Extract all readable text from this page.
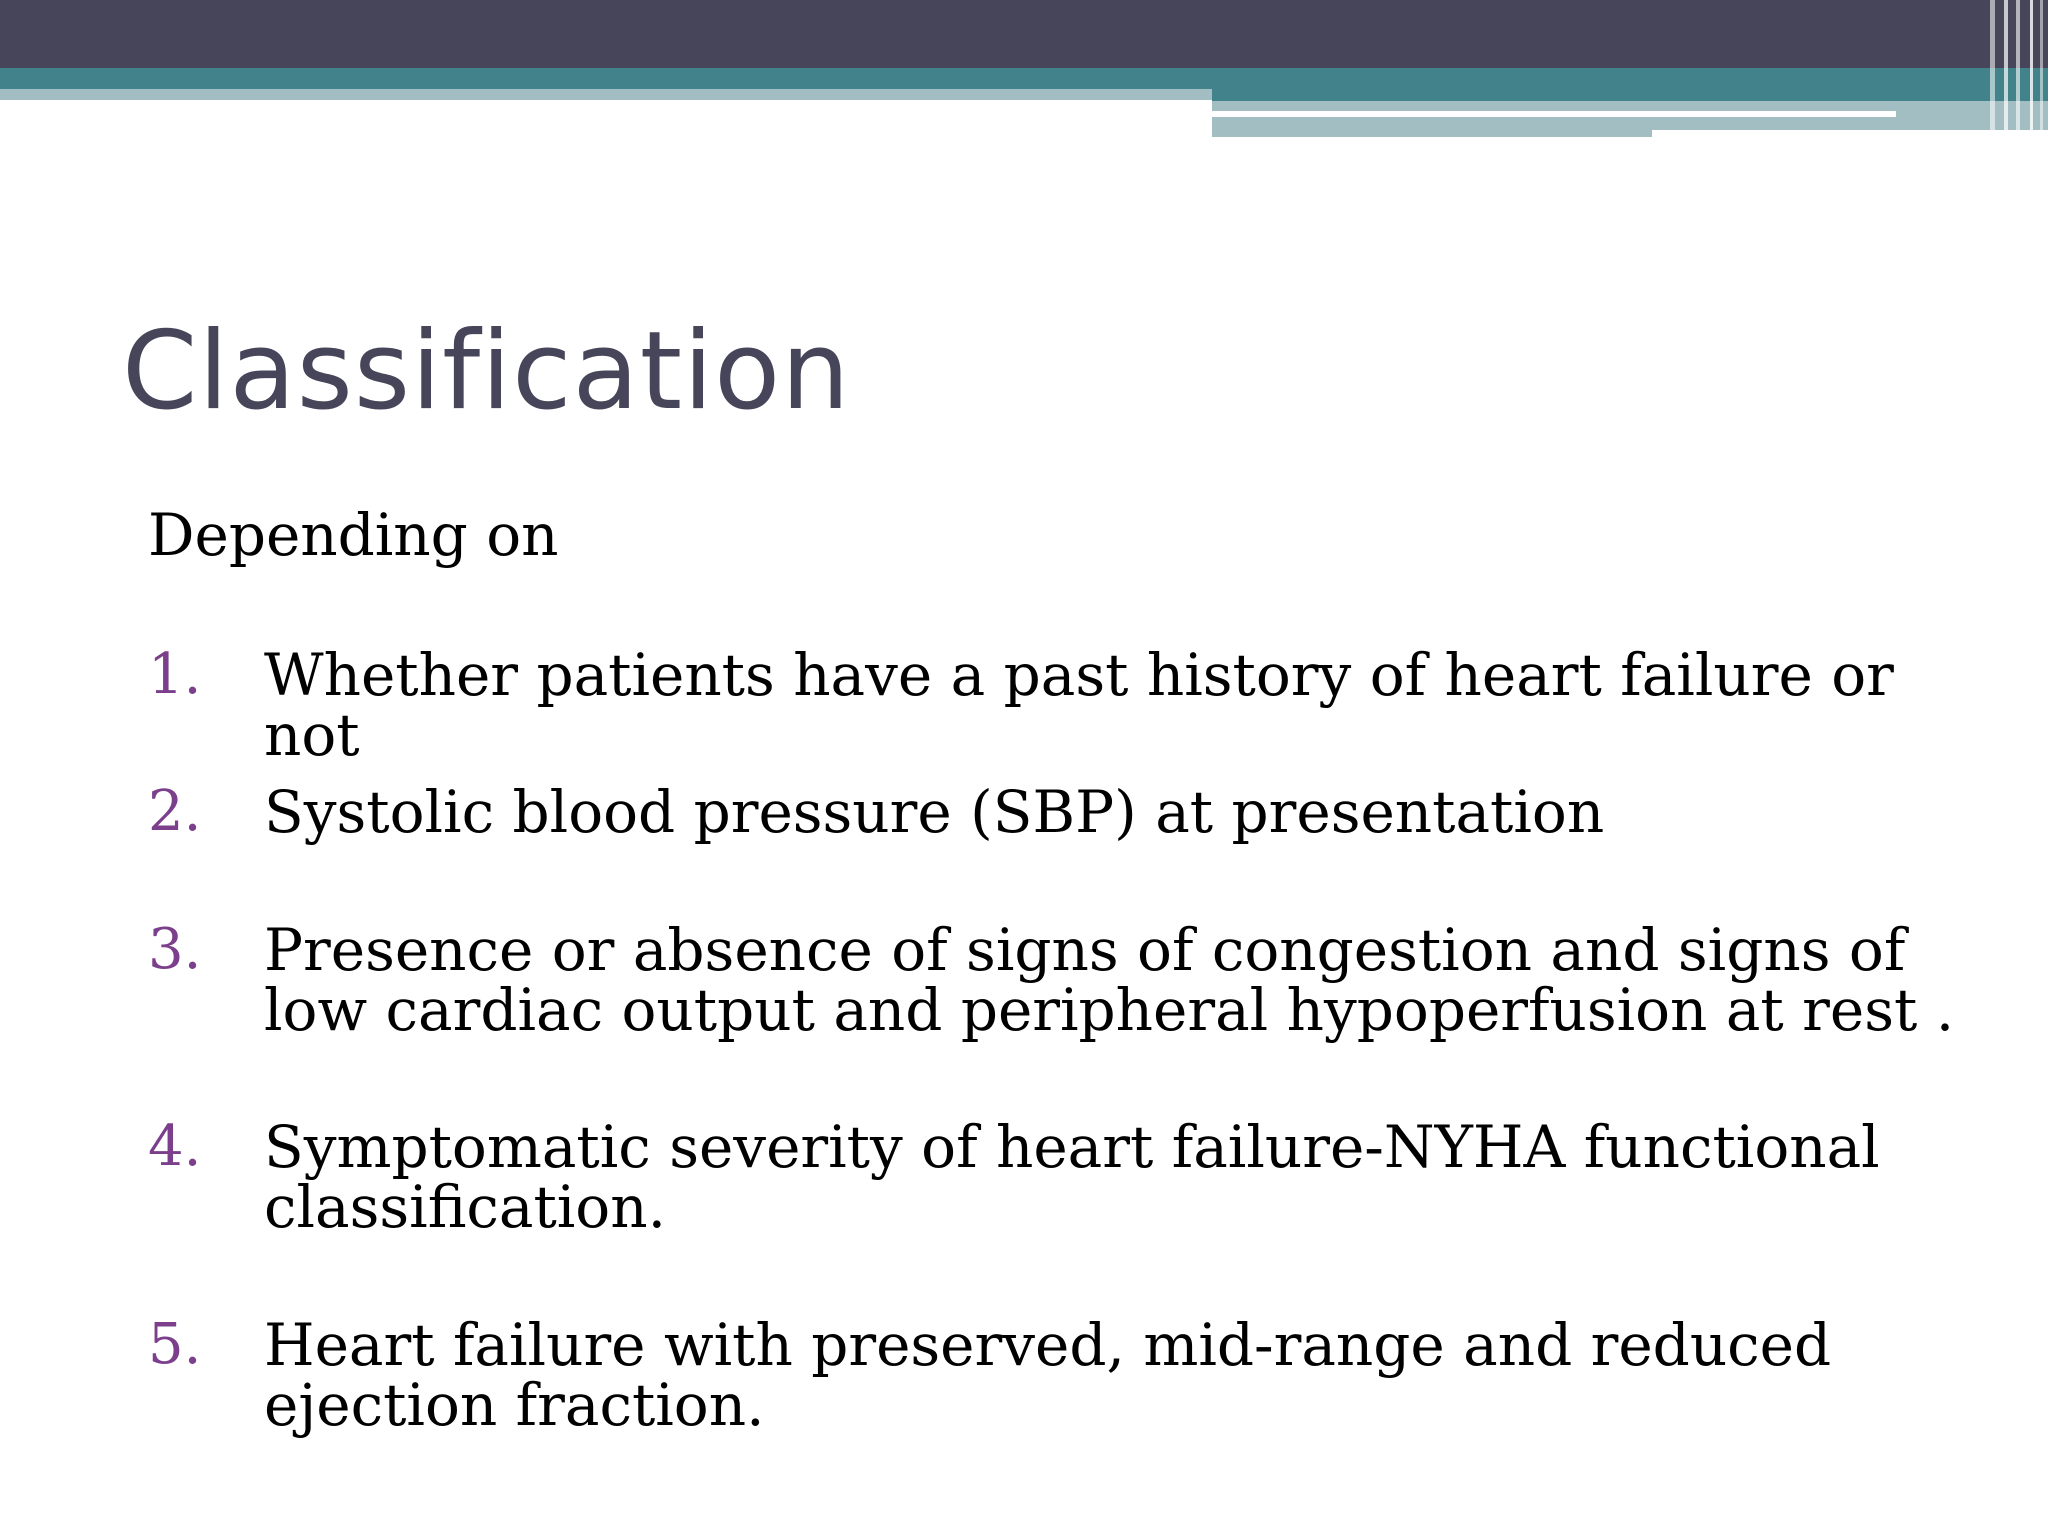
Classification
Depending on
1. Whether patients have a past history of heart failure or not
2. Systolic blood pressure (SBP) at presentation
3. Presence or absence of signs of congestion and signs of low cardiac output and peripheral hypoperfusion at rest .
4. Symptomatic severity of heart failure-NYHA functional classification.
5. Heart failure with preserved, mid-range and reduced ejection fraction.
